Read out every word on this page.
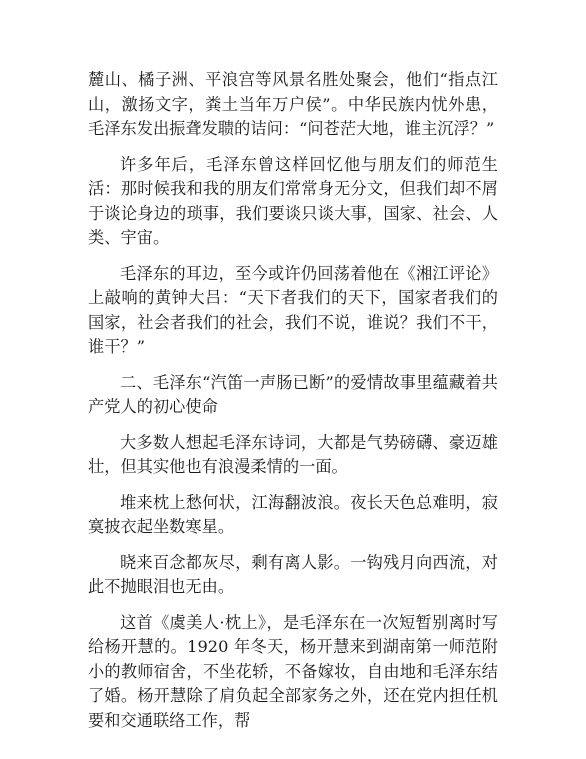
麓山、橘子洲、平浪宫等风景名胜处聚会，他们“指点江山，激扬文字，粪土当年万户侯”。中华民族内忧外患，毛泽东发出振聋发聩的诘问：“问苍茫大地，谁主沉浮？”

许多年后，毛泽东曾这样回忆他与朋友们的师范生活：那时候我和我的朋友们常常身无分文，但我们却不屑于谈论身边的琐事，我们要谈只谈大事，国家、社会、人类、宇宙。

毛泽东的耳边，至今或许仍回荡着他在《湘江评论》上敲响的黄钟大吕：“天下者我们的天下，国家者我们的国家，社会者我们的社会，我们不说，谁说？我们不干，谁干？”

二、毛泽东“汽笛一声肠已断”的爱情故事里蕴藏着共产党人的初心使命

大多数人想起毛泽东诗词，大都是气势磅礴、豪迈雄壮，但其实他也有浪漫柔情的一面。

堆来枕上愁何状，江海翻波浪。夜长天色总难明，寂寞披衣起坐数寒星。

晓来百念都灰尽，剩有离人影。一钩残月向西流，对此不抛眼泪也无由。

这首《虞美人·枕上》，是毛泽东在一次短暂别离时写给杨开慧的。1920 年冬天，杨开慧来到湖南第一师范附小的教师宿舍，不坐花轿，不备嫁妆，自由地和毛泽东结了婚。杨开慧除了肩负起全部家务之外，还在党内担任机要和交通联络工作，帮
